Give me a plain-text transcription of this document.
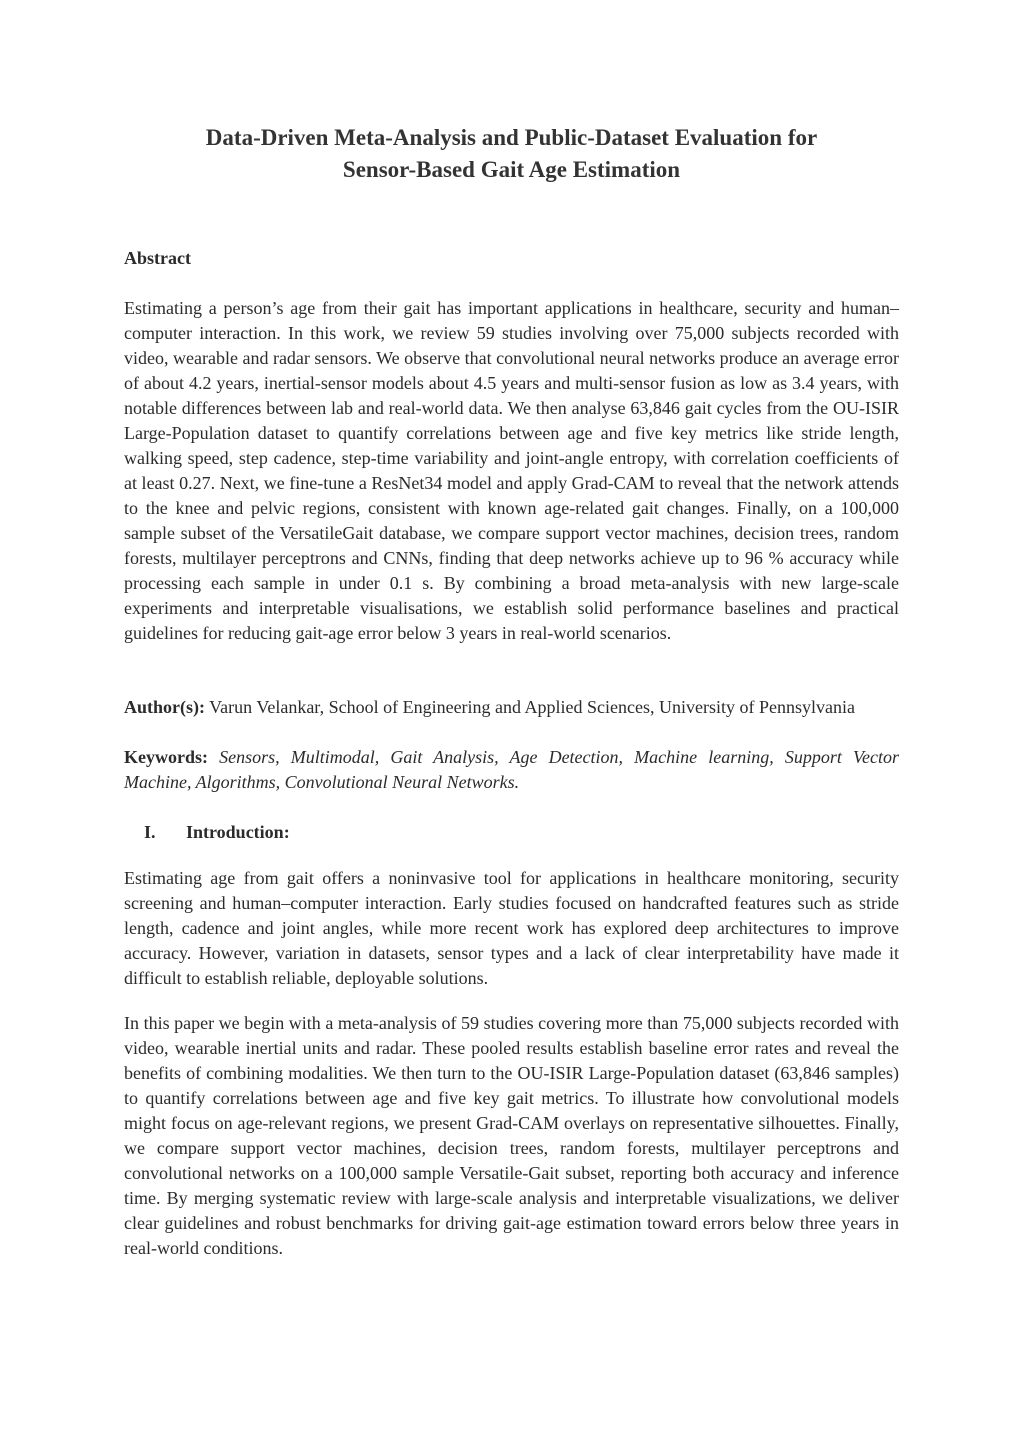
Data-Driven Meta-Analysis and Public-Dataset Evaluation for
Sensor-Based Gait Age Estimation
Abstract

Estimating a person’s age from their gait has important applications in healthcare, security and human–computer interaction. In this work, we review 59 studies involving over 75,000 subjects recorded with video, wearable and radar sensors. We observe that convolutional neural networks produce an average error of about 4.2 years, inertial-sensor models about 4.5 years and multi-sensor fusion as low as 3.4 years, with notable differences between lab and real-world data. We then analyse 63,846 gait cycles from the OU-ISIR Large-Population dataset to quantify correlations between age and five key metrics like stride length, walking speed, step cadence, step-time variability and joint-angle entropy, with correlation coefficients of at least 0.27. Next, we fine-tune a ResNet34 model and apply Grad-CAM to reveal that the network attends to the knee and pelvic regions, consistent with known age-related gait changes. Finally, on a 100,000 sample subset of the VersatileGait database, we compare support vector machines, decision trees, random forests, multilayer perceptrons and CNNs, finding that deep networks achieve up to 96 % accuracy while processing each sample in under 0.1 s. By combining a broad meta-analysis with new large-scale experiments and interpretable visualisations, we establish solid performance baselines and practical guidelines for reducing gait-age error below 3 years in real-world scenarios.

Author(s): Varun Velankar, School of Engineering and Applied Sciences, University of Pennsylvania

Keywords: Sensors, Multimodal, Gait Analysis, Age Detection, Machine learning, Support Vector Machine, Algorithms, Convolutional Neural Networks.

I. Introduction:

Estimating age from gait offers a noninvasive tool for applications in healthcare monitoring, security screening and human–computer interaction. Early studies focused on handcrafted features such as stride length, cadence and joint angles, while more recent work has explored deep architectures to improve accuracy. However, variation in datasets, sensor types and a lack of clear interpretability have made it difficult to establish reliable, deployable solutions.

In this paper we begin with a meta‐analysis of 59 studies covering more than 75,000 subjects recorded with video, wearable inertial units and radar. These pooled results establish baseline error rates and reveal the benefits of combining modalities. We then turn to the OU-ISIR Large-Population dataset (63,846 samples) to quantify correlations between age and five key gait metrics. To illustrate how convolutional models might focus on age-relevant regions, we present Grad-CAM overlays on representative silhouettes. Finally, we compare support vector machines, decision trees, random forests, multilayer perceptrons and convolutional networks on a 100,000 sample Versatile-Gait subset, reporting both accuracy and inference time. By merging systematic review with large-scale analysis and interpretable visualizations, we deliver clear guidelines and robust benchmarks for driving gait‐age estimation toward errors below three years in real-world conditions.
